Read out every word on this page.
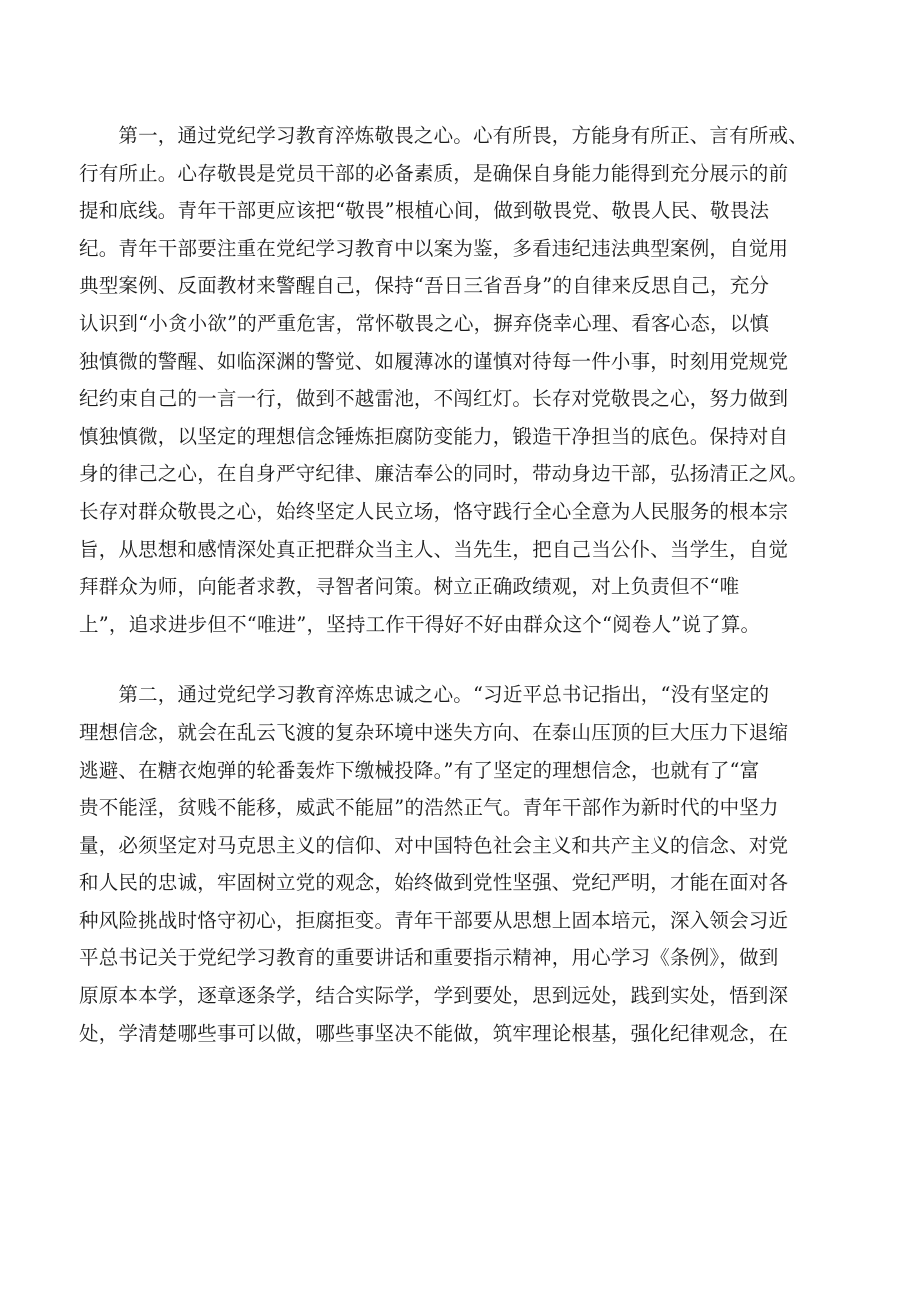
　　第一，通过党纪学习教育淬炼敬畏之心。心有所畏，方能身有所正、言有所戒、
行有所止。心存敬畏是党员干部的必备素质，是确保自身能力能得到充分展示的前
提和底线。青年干部更应该把“敬畏”根植心间，做到敬畏党、敬畏人民、敬畏法
纪。青年干部要注重在党纪学习教育中以案为鉴，多看违纪违法典型案例，自觉用
典型案例、反面教材来警醒自己，保持“吾日三省吾身”的自律来反思自己，充分
认识到“小贪小欲”的严重危害，常怀敬畏之心，摒弃侥幸心理、看客心态，以慎
独慎微的警醒、如临深渊的警觉、如履薄冰的谨慎对待每一件小事，时刻用党规党
纪约束自己的一言一行，做到不越雷池，不闯红灯。长存对党敬畏之心，努力做到
慎独慎微，以坚定的理想信念锤炼拒腐防变能力，锻造干净担当的底色。保持对自
身的律己之心，在自身严守纪律、廉洁奉公的同时，带动身边干部，弘扬清正之风。
长存对群众敬畏之心，始终坚定人民立场，恪守践行全心全意为人民服务的根本宗
旨，从思想和感情深处真正把群众当主人、当先生，把自己当公仆、当学生，自觉
拜群众为师，向能者求教，寻智者问策。树立正确政绩观，对上负责但不“唯
上”，追求进步但不“唯进”，坚持工作干得好不好由群众这个“阅卷人”说了算。
　　第二，通过党纪学习教育淬炼忠诚之心。“习近平总书记指出，“没有坚定的
理想信念，就会在乱云飞渡的复杂环境中迷失方向、在泰山压顶的巨大压力下退缩
逃避、在糖衣炮弹的轮番轰炸下缴械投降。”有了坚定的理想信念，也就有了“富
贵不能淫，贫贱不能移，威武不能屈”的浩然正气。青年干部作为新时代的中坚力
量，必须坚定对马克思主义的信仰、对中国特色社会主义和共产主义的信念、对党
和人民的忠诚，牢固树立党的观念，始终做到党性坚强、党纪严明，才能在面对各
种风险挑战时恪守初心，拒腐拒变。青年干部要从思想上固本培元，深入领会习近
平总书记关于党纪学习教育的重要讲话和重要指示精神，用心学习《条例》，做到
原原本本学，逐章逐条学，结合实际学，学到要处，思到远处，践到实处，悟到深
处，学清楚哪些事可以做，哪些事坚决不能做，筑牢理论根基，强化纪律观念，在
